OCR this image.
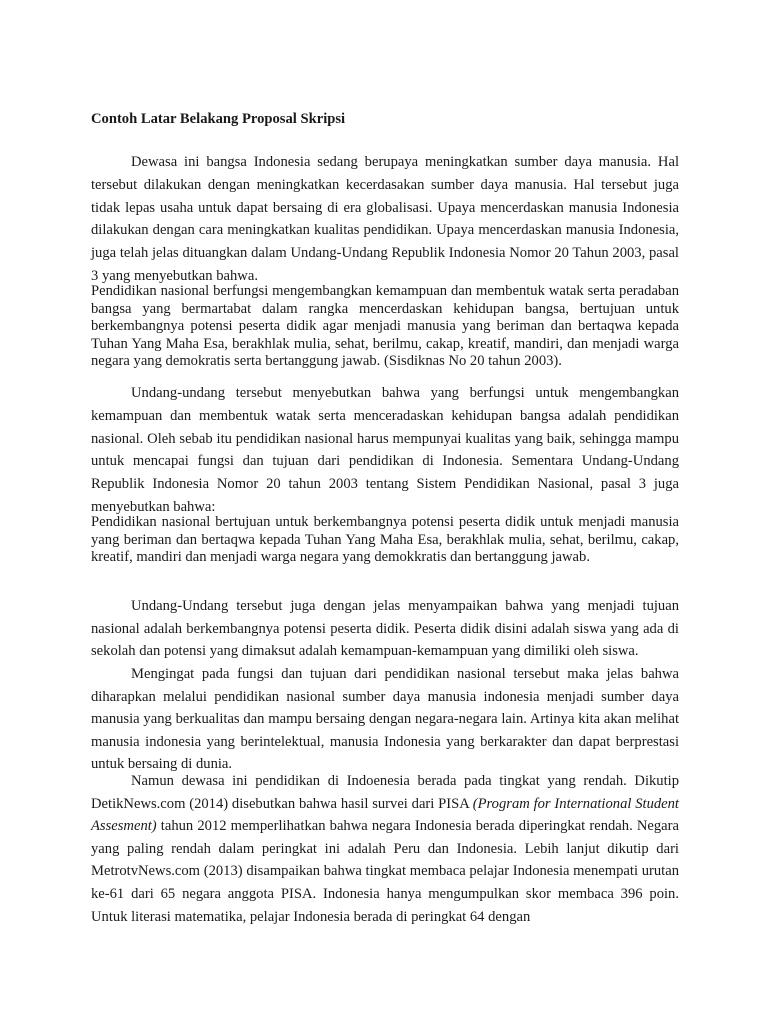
Contoh Latar Belakang Proposal Skripsi

Dewasa ini bangsa Indonesia sedang berupaya meningkatkan sumber daya manusia. Hal tersebut dilakukan dengan meningkatkan kecerdasakan sumber daya manusia. Hal tersebut juga tidak lepas usaha untuk dapat bersaing di era globalisasi. Upaya mencerdaskan manusia Indonesia dilakukan dengan cara meningkatkan kualitas pendidikan. Upaya mencerdaskan manusia Indonesia, juga telah jelas dituangkan dalam Undang-Undang Republik Indonesia Nomor 20 Tahun 2003, pasal 3 yang menyebutkan bahwa.

Pendidikan nasional berfungsi mengembangkan kemampuan dan membentuk watak serta peradaban bangsa yang bermartabat dalam rangka mencerdaskan kehidupan bangsa, bertujuan untuk berkembangnya potensi peserta didik agar menjadi manusia yang beriman dan bertaqwa kepada Tuhan Yang Maha Esa, berakhlak mulia, sehat, berilmu, cakap, kreatif, mandiri, dan menjadi warga negara yang demokratis serta bertanggung jawab. (Sisdiknas No 20 tahun 2003).

Undang-undang tersebut menyebutkan bahwa yang berfungsi untuk mengembangkan kemampuan dan membentuk watak serta menceradaskan kehidupan bangsa adalah pendidikan nasional. Oleh sebab itu pendidikan nasional harus mempunyai kualitas yang baik, sehingga mampu untuk mencapai fungsi dan tujuan dari pendidikan di Indonesia. Sementara Undang-Undang Republik Indonesia Nomor 20 tahun 2003 tentang Sistem Pendidikan Nasional, pasal 3 juga menyebutkan bahwa:

Pendidikan nasional bertujuan untuk berkembangnya potensi peserta didik untuk menjadi manusia yang beriman dan bertaqwa kepada Tuhan Yang Maha Esa, berakhlak mulia, sehat, berilmu, cakap, kreatif, mandiri dan menjadi warga negara yang demokkratis dan bertanggung jawab.

Undang-Undang tersebut juga dengan jelas menyampaikan bahwa yang menjadi tujuan nasional adalah berkembangnya potensi peserta didik. Peserta didik disini adalah siswa yang ada di sekolah dan potensi yang dimaksut adalah kemampuan-kemampuan yang dimiliki oleh siswa.

Mengingat pada fungsi dan tujuan dari pendidikan nasional tersebut maka jelas bahwa diharapkan melalui pendidikan nasional sumber daya manusia indonesia menjadi sumber daya manusia yang berkualitas dan mampu bersaing dengan negara-negara lain. Artinya kita akan melihat manusia indonesia yang berintelektual, manusia Indonesia yang berkarakter dan dapat berprestasi untuk bersaing di dunia.

Namun dewasa ini pendidikan di Indoenesia berada pada tingkat yang rendah. Dikutip DetikNews.com (2014) disebutkan bahwa hasil survei dari PISA (Program for International Student Assesment) tahun 2012 memperlihatkan bahwa negara Indonesia berada diperingkat rendah. Negara yang paling rendah dalam peringkat ini adalah Peru dan Indonesia. Lebih lanjut dikutip dari MetrotvNews.com (2013) disampaikan bahwa tingkat membaca pelajar Indonesia menempati urutan ke-61 dari 65 negara anggota PISA. Indonesia hanya mengumpulkan skor membaca 396 poin. Untuk literasi matematika, pelajar Indonesia berada di peringkat 64 dengan
